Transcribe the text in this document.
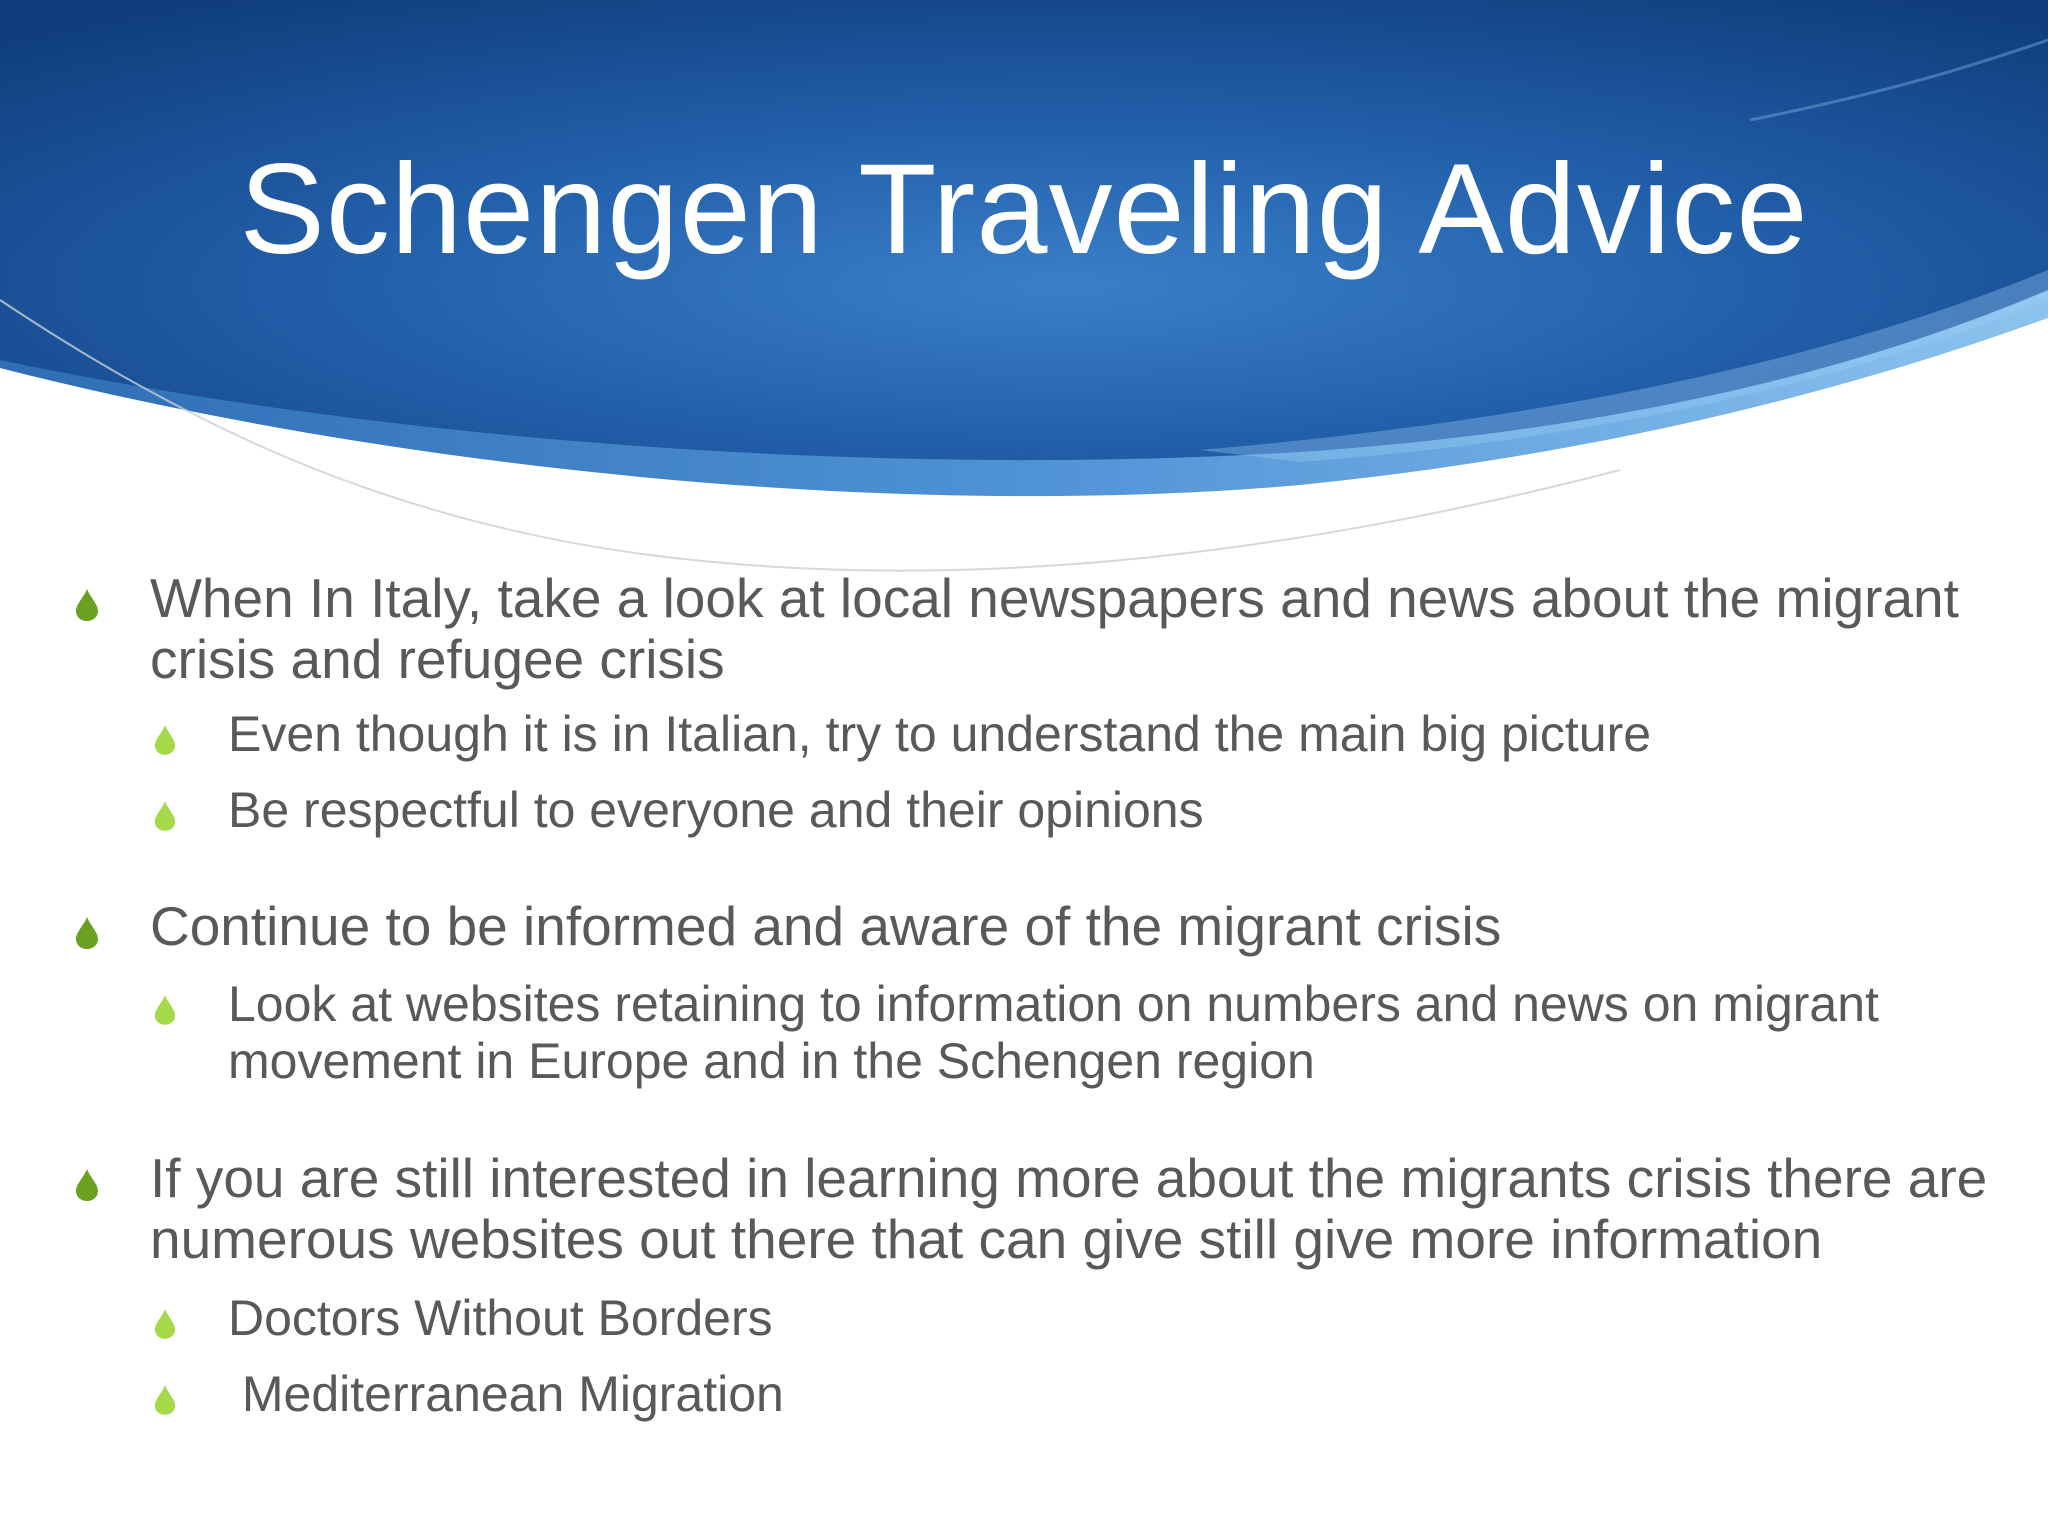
Schengen Traveling Advice
When In Italy, take a look at local newspapers and news about the migrant crisis and refugee crisis
Even though it is in Italian, try to understand the main big picture
Be respectful to everyone and their opinions
Continue to be informed and aware of the migrant crisis
Look at websites retaining to information on numbers and news on migrant movement in Europe and in the Schengen region
If you are still interested in learning more about the migrants crisis there are numerous websites out there that can give still give more information
Doctors Without Borders
Mediterranean Migration
